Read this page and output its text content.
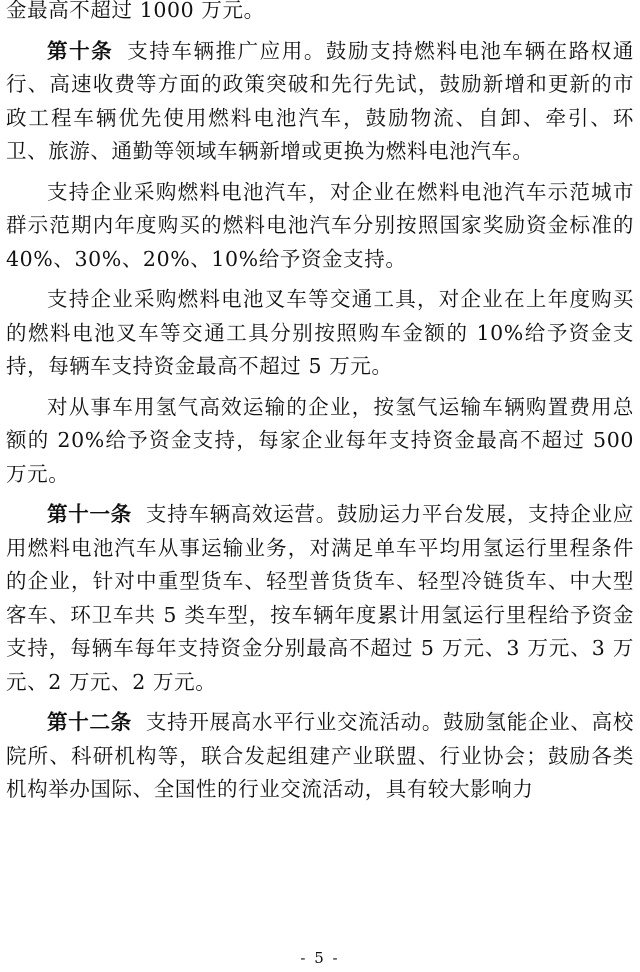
金最高不超过 1000 万元。

第十条 支持车辆推广应用。鼓励支持燃料电池车辆在路权通行、高速收费等方面的政策突破和先行先试，鼓励新增和更新的市政工程车辆优先使用燃料电池汽车，鼓励物流、自卸、牵引、环卫、旅游、通勤等领域车辆新增或更换为燃料电池汽车。

支持企业采购燃料电池汽车，对企业在燃料电池汽车示范城市群示范期内年度购买的燃料电池汽车分别按照国家奖励资金标准的 40%、30%、20%、10%给予资金支持。

支持企业采购燃料电池叉车等交通工具，对企业在上年度购买的燃料电池叉车等交通工具分别按照购车金额的 10%给予资金支持，每辆车支持资金最高不超过 5 万元。

对从事车用氢气高效运输的企业，按氢气运输车辆购置费用总额的 20%给予资金支持，每家企业每年支持资金最高不超过 500 万元。

第十一条 支持车辆高效运营。鼓励运力平台发展，支持企业应用燃料电池汽车从事运输业务，对满足单车平均用氢运行里程条件的企业，针对中重型货车、轻型普货货车、轻型冷链货车、中大型客车、环卫车共 5 类车型，按车辆年度累计用氢运行里程给予资金支持，每辆车每年支持资金分别最高不超过 5 万元、3 万元、3 万元、2 万元、2 万元。

第十二条 支持开展高水平行业交流活动。鼓励氢能企业、高校院所、科研机构等，联合发起组建产业联盟、行业协会；鼓励各类机构举办国际、全国性的行业交流活动，具有较大影响力

- 5 -
